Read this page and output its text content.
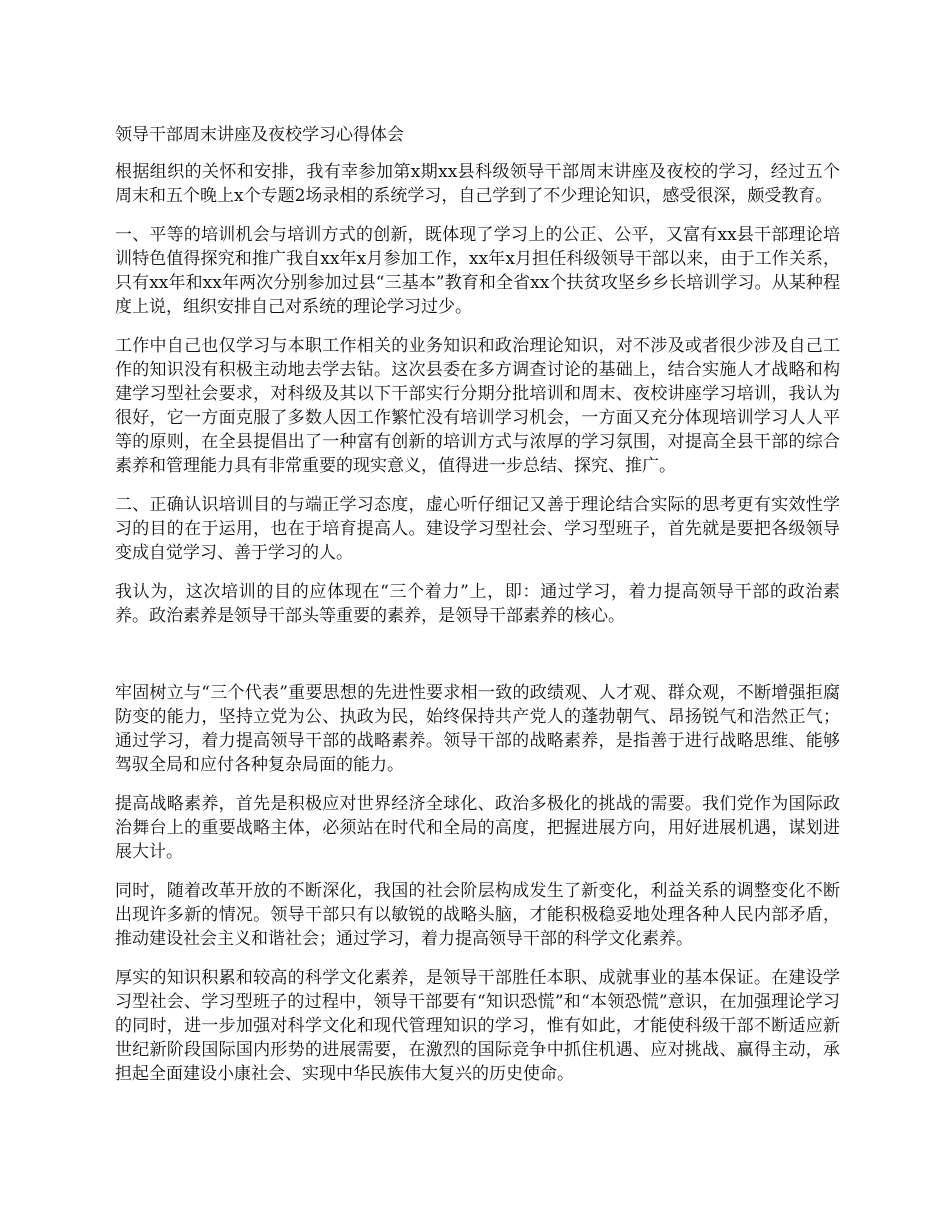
领导干部周末讲座及夜校学习心得体会

根据组织的关怀和安排，我有幸参加第x期xx县科级领导干部周末讲座及夜校的学习，经过五个周末和五个晚上x个专题2场录相的系统学习，自己学到了不少理论知识，感受很深，颇受教育。

一、平等的培训机会与培训方式的创新，既体现了学习上的公正、公平，又富有xx县干部理论培训特色值得探究和推广我自xx年x月参加工作，xx年x月担任科级领导干部以来，由于工作关系，只有xx年和xx年两次分别参加过县“三基本”教育和全省xx个扶贫攻坚乡乡长培训学习。从某种程度上说，组织安排自己对系统的理论学习过少。

工作中自己也仅学习与本职工作相关的业务知识和政治理论知识，对不涉及或者很少涉及自己工作的知识没有积极主动地去学去钻。这次县委在多方调查讨论的基础上，结合实施人才战略和构建学习型社会要求，对科级及其以下干部实行分期分批培训和周末、夜校讲座学习培训，我认为很好，它一方面克服了多数人因工作繁忙没有培训学习机会，一方面又充分体现培训学习人人平等的原则，在全县提倡出了一种富有创新的培训方式与浓厚的学习氛围，对提高全县干部的综合素养和管理能力具有非常重要的现实意义，值得进一步总结、探究、推广。

二、正确认识培训目的与端正学习态度，虚心听仔细记又善于理论结合实际的思考更有实效性学习的目的在于运用，也在于培育提高人。建设学习型社会、学习型班子，首先就是要把各级领导变成自觉学习、善于学习的人。

我认为，这次培训的目的应体现在“三个着力”上，即：通过学习，着力提高领导干部的政治素养。政治素养是领导干部头等重要的素养，是领导干部素养的核心。

牢固树立与“三个代表”重要思想的先进性要求相一致的政绩观、人才观、群众观，不断增强拒腐防变的能力，坚持立党为公、执政为民，始终保持共产党人的蓬勃朝气、昂扬锐气和浩然正气；通过学习，着力提高领导干部的战略素养。领导干部的战略素养，是指善于进行战略思维、能够驾驭全局和应付各种复杂局面的能力。

提高战略素养，首先是积极应对世界经济全球化、政治多极化的挑战的需要。我们党作为国际政治舞台上的重要战略主体，必须站在时代和全局的高度，把握进展方向，用好进展机遇，谋划进展大计。

同时，随着改革开放的不断深化，我国的社会阶层构成发生了新变化，利益关系的调整变化不断出现许多新的情况。领导干部只有以敏锐的战略头脑，才能积极稳妥地处理各种人民内部矛盾，推动建设社会主义和谐社会；通过学习，着力提高领导干部的科学文化素养。

厚实的知识积累和较高的科学文化素养，是领导干部胜任本职、成就事业的基本保证。在建设学习型社会、学习型班子的过程中，领导干部要有“知识恐慌”和“本领恐慌”意识，在加强理论学习的同时，进一步加强对科学文化和现代管理知识的学习，惟有如此，才能使科级干部不断适应新世纪新阶段国际国内形势的进展需要，在激烈的国际竞争中抓住机遇、应对挑战、赢得主动，承担起全面建设小康社会、实现中华民族伟大复兴的历史使命。
